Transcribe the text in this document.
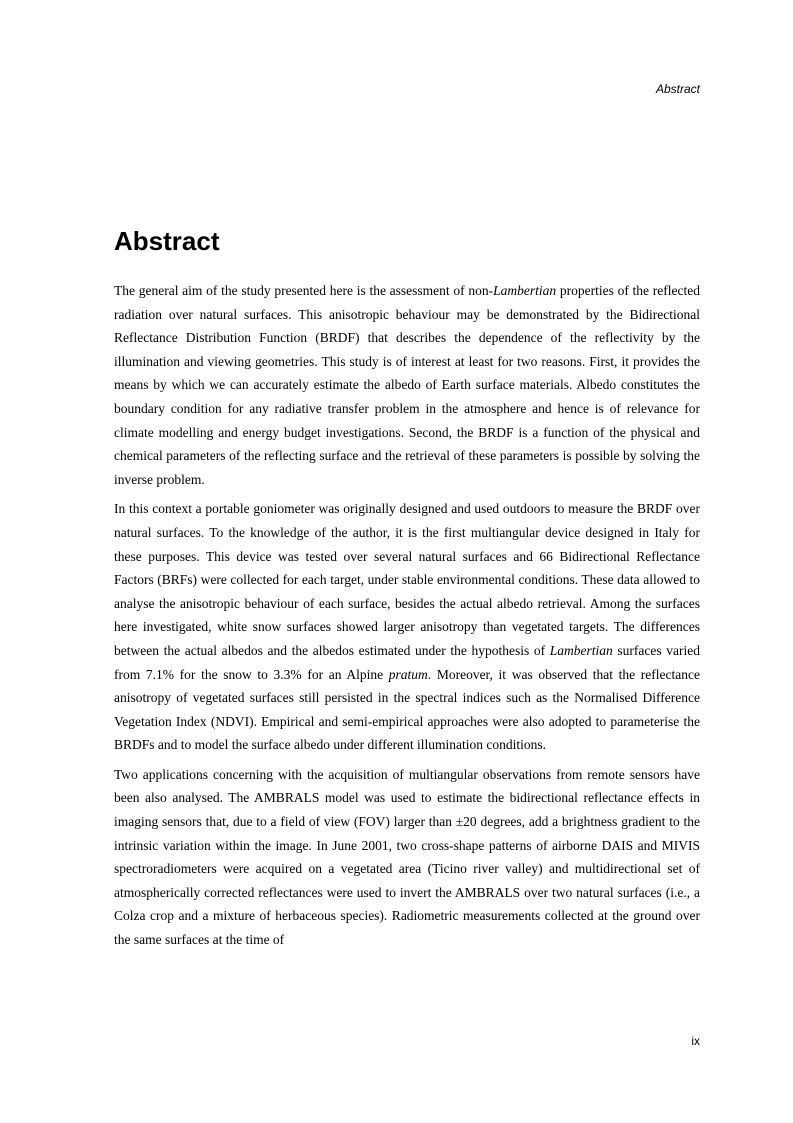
Abstract
Abstract

The general aim of the study presented here is the assessment of non-Lambertian properties of the reflected radiation over natural surfaces. This anisotropic behaviour may be demonstrated by the Bidirectional Reflectance Distribution Function (BRDF) that describes the dependence of the reflectivity by the illumination and viewing geometries. This study is of interest at least for two reasons. First, it provides the means by which we can accurately estimate the albedo of Earth surface materials. Albedo constitutes the boundary condition for any radiative transfer problem in the atmosphere and hence is of relevance for climate modelling and energy budget investigations. Second, the BRDF is a function of the physical and chemical parameters of the reflecting surface and the retrieval of these parameters is possible by solving the inverse problem.

In this context a portable goniometer was originally designed and used outdoors to measure the BRDF over natural surfaces. To the knowledge of the author, it is the first multiangular device designed in Italy for these purposes. This device was tested over several natural surfaces and 66 Bidirectional Reflectance Factors (BRFs) were collected for each target, under stable environmental conditions. These data allowed to analyse the anisotropic behaviour of each surface, besides the actual albedo retrieval. Among the surfaces here investigated, white snow surfaces showed larger anisotropy than vegetated targets. The differences between the actual albedos and the albedos estimated under the hypothesis of Lambertian surfaces varied from 7.1% for the snow to 3.3% for an Alpine pratum. Moreover, it was observed that the reflectance anisotropy of vegetated surfaces still persisted in the spectral indices such as the Normalised Difference Vegetation Index (NDVI). Empirical and semi-empirical approaches were also adopted to parameterise the BRDFs and to model the surface albedo under different illumination conditions.

Two applications concerning with the acquisition of multiangular observations from remote sensors have been also analysed. The AMBRALS model was used to estimate the bidirectional reflectance effects in imaging sensors that, due to a field of view (FOV) larger than ±20 degrees, add a brightness gradient to the intrinsic variation within the image. In June 2001, two cross-shape patterns of airborne DAIS and MIVIS spectroradiometers were acquired on a vegetated area (Ticino river valley) and multidirectional set of atmospherically corrected reflectances were used to invert the AMBRALS over two natural surfaces (i.e., a Colza crop and a mixture of herbaceous species). Radiometric measurements collected at the ground over the same surfaces at the time of

ix
